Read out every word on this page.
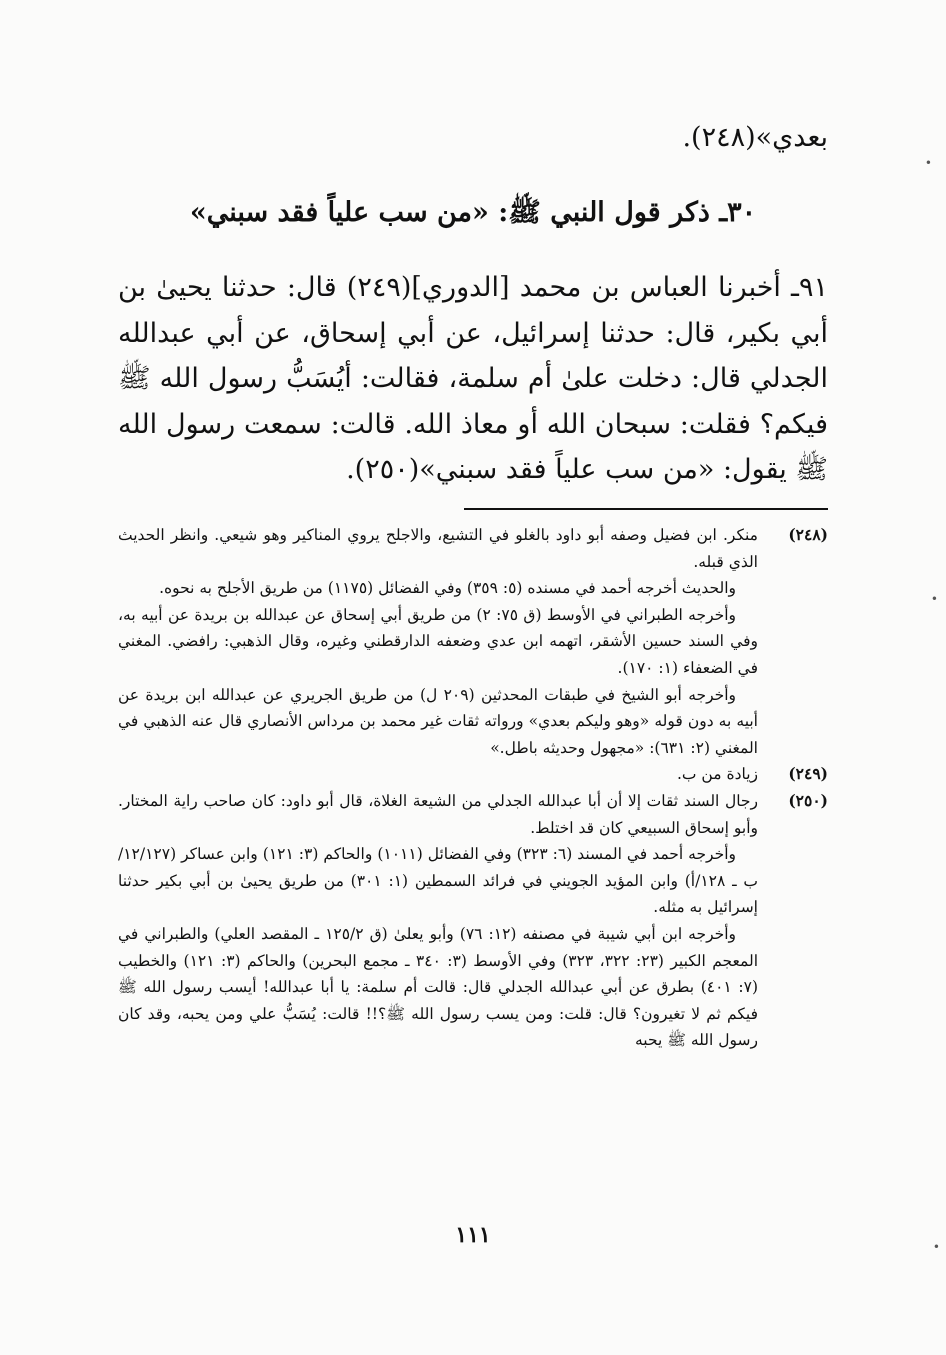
بعدي»(٢٤٨).
٣٠ـ ذكر قول النبي ﷺ: «من سب علياً فقد سبني»

٩١ـ أخبرنا العباس بن محمد [الدوري](٢٤٩) قال: حدثنا يحيىٰ بن أبي بكير، قال: حدثنا إسرائيل، عن أبي إسحاق، عن أبي عبدالله الجدلي قال: دخلت علىٰ أم سلمة، فقالت: أيُسَبُّ رسول الله ﷺ فيكم؟ فقلت: سبحان الله أو معاذ الله. قالت: سمعت رسول الله ﷺ يقول: «من سب علياً فقد سبني»(٢٥٠).

(٢٤٨)

منكر. ابن فضيل وصفه أبو داود بالغلو في التشيع، والاجلح يروي المناكير وهو شيعي. وانظر الحديث الذي قبله.

والحديث أخرجه أحمد في مسنده (٥: ٣٥٩) وفي الفضائل (١١٧٥) من طريق الأجلح به نحوه.

وأخرجه الطبراني في الأوسط (ق ٧٥: ٢) من طريق أبي إسحاق عن عبدالله بن بريدة عن أبيه به، وفي السند حسين الأشقر، اتهمه ابن عدي وضعفه الدارقطني وغيره، وقال الذهبي: رافضي. المغني في الضعفاء (١: ١٧٠).

وأخرجه أبو الشيخ في طبقات المحدثين (٢٠٩ ل) من طريق الجريري عن عبدالله ابن بريدة عن أبيه به دون قوله «وهو وليكم بعدي» ورواته ثقات غير محمد بن مرداس الأنصاري قال عنه الذهبي في المغني (٢: ٦٣١): «مجهول وحديثه باطل.»

(٢٤٩)

زيادة من ب.

(٢٥٠)

رجال السند ثقات إلا أن أبا عبدالله الجدلي من الشيعة الغلاة، قال أبو داود: كان صاحب راية المختار. وأبو إسحاق السبيعي كان قد اختلط.

وأخرجه أحمد في المسند (٦: ٣٢٣) وفي الفضائل (١٠١١) والحاكم (٣: ١٢١) وابن عساكر (١٢/١٢٧/ب ـ ١٢٨/أ) وابن المؤيد الجويني في فرائد السمطين (١: ٣٠١) من طريق يحيىٰ بن أبي بكير حدثنا إسرائيل به مثله.

وأخرجه ابن أبي شيبة في مصنفه (١٢: ٧٦) وأبو يعلىٰ (ق ١٢٥/٢ ـ المقصد العلي) والطبراني في المعجم الكبير (٢٣: ٣٢٢، ٣٢٣) وفي الأوسط (٣: ٣٤٠ ـ مجمع البحرين) والحاكم (٣: ١٢١) والخطيب (٧: ٤٠١) بطرق عن أبي عبدالله الجدلي قال: قالت أم سلمة: يا أبا عبدالله! أيسب رسول الله ﷺ فيكم ثم لا تغيرون؟ قال: قلت: ومن يسب رسول الله ﷺ؟!! قالت: يُسَبُّ علي ومن يحبه، وقد كان رسول الله ﷺ يحبه

١١١
•
•
•
